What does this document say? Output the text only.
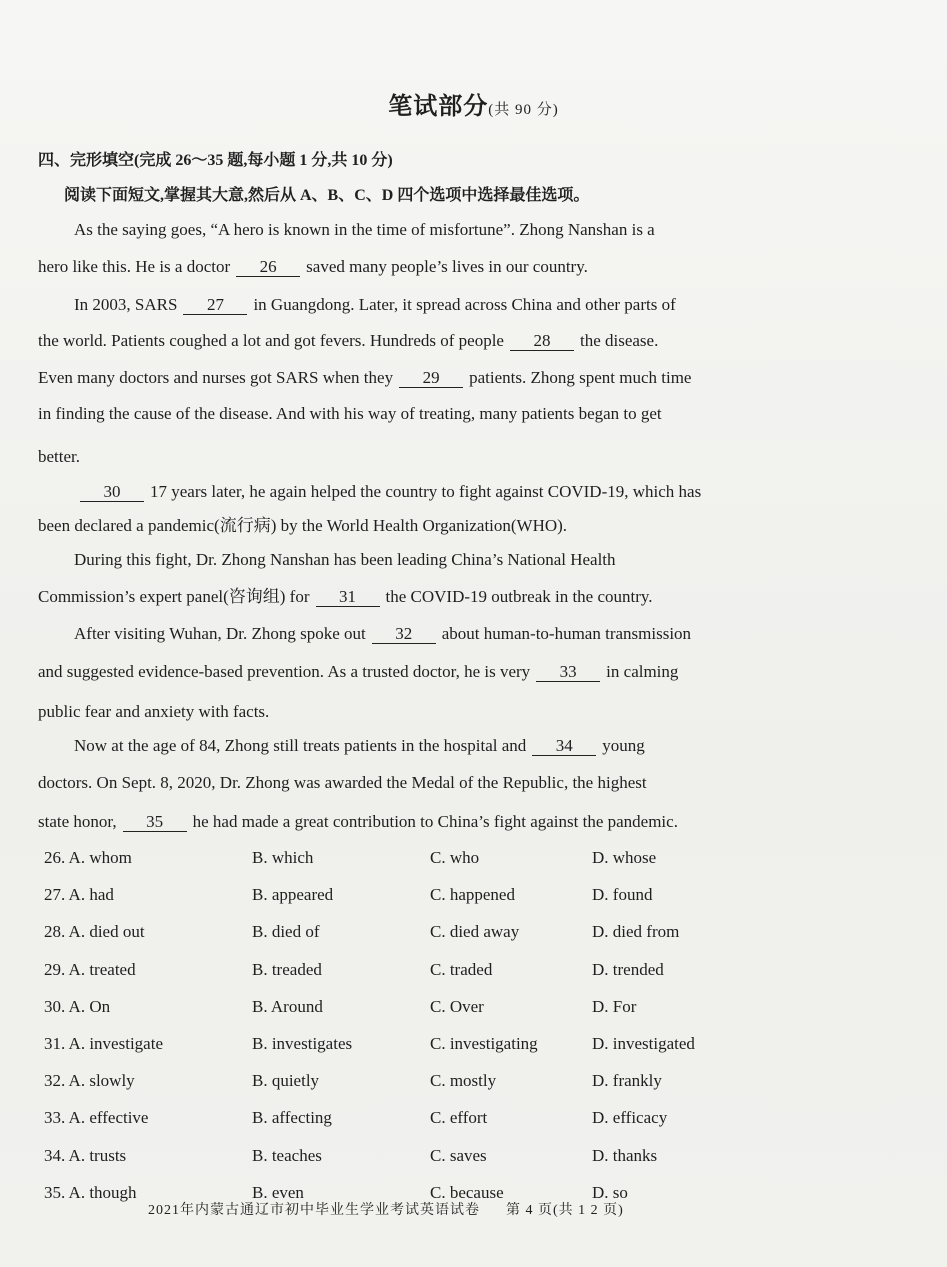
笔试部分(共 90 分)
四、完形填空(完成 26～35 题,每小题 1 分,共 10 分)
阅读下面短文,掌握其大意,然后从 A、B、C、D 四个选项中选择最佳选项。
As the saying goes, “A hero is known in the time of misfortune”. Zhong Nanshan is a
hero like this. He is a doctor 26 saved many people’s lives in our country.
In 2003, SARS 27 in Guangdong. Later, it spread across China and other parts of
the world. Patients coughed a lot and got fevers. Hundreds of people 28 the disease.
Even many doctors and nurses got SARS when they 29 patients. Zhong spent much time
in finding the cause of the disease. And with his way of treating, many patients began to get
better.
30 17 years later, he again helped the country to fight against COVID-19, which has
been declared a pandemic(流行病) by the World Health Organization(WHO).
During this fight, Dr. Zhong Nanshan has been leading China’s National Health
Commission’s expert panel(咨询组) for 31 the COVID-19 outbreak in the country.
After visiting Wuhan, Dr. Zhong spoke out 32 about human-to-human transmission
and suggested evidence-based prevention. As a trusted doctor, he is very 33 in calming
public fear and anxiety with facts.
Now at the age of 84, Zhong still treats patients in the hospital and 34 young
doctors. On Sept. 8, 2020, Dr. Zhong was awarded the Medal of the Republic, the highest
state honor, 35 he had made a great contribution to China’s fight against the pandemic.
26. A. whom	B. which	C. who	D. whose
27. A. had	B. appeared	C. happened	D. found
28. A. died out	B. died of	C. died away	D. died from
29. A. treated	B. treaded	C. traded	D. trended
30. A. On	B. Around	C. Over	D. For
31. A. investigate	B. investigates	C. investigating	D. investigated
32. A. slowly	B. quietly	C. mostly	D. frankly
33. A. effective	B. affecting	C. effort	D. efficacy
34. A. trusts	B. teaches	C. saves	D. thanks
35. A. though	B. even	C. because	D. so
2021年内蒙古通辽市初中毕业生学业考试英语试卷 第 4 页(共 1 2 页)
